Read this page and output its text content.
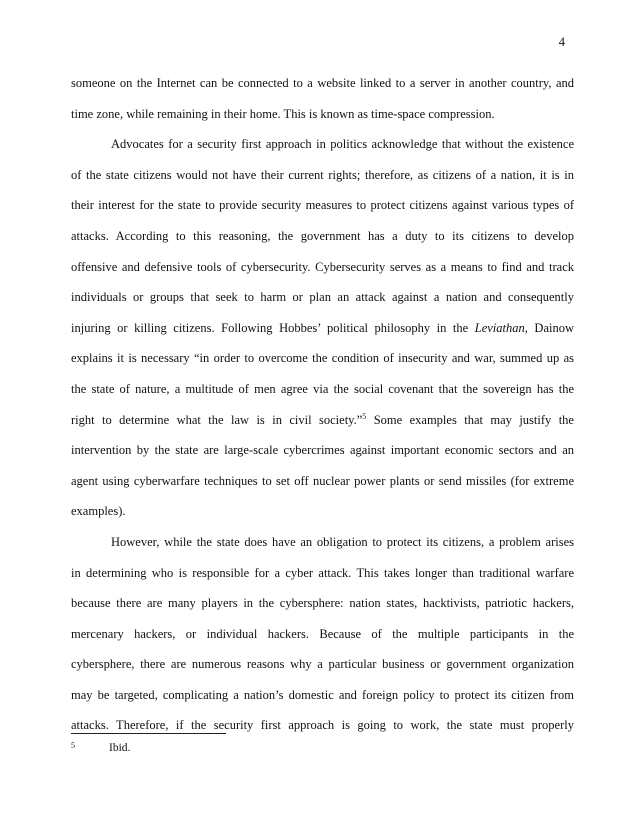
4
someone on the Internet can be connected to a website linked to a server in another country, and
time zone, while remaining in their home. This is known as time-space compression.
Advocates for a security first approach in politics acknowledge that without the existence
of the state citizens would not have their current rights; therefore, as citizens of a nation, it is in
their interest for the state to provide security measures to protect citizens against various types of
attacks. According to this reasoning, the government has a duty to its citizens to develop
offensive and defensive tools of cybersecurity. Cybersecurity serves as a means to find and track
individuals or groups that seek to harm or plan an attack against a nation and consequently
injuring or killing citizens. Following Hobbes’ political philosophy in the Leviathan, Dainow
explains it is necessary “in order to overcome the condition of insecurity and war, summed up as
the state of nature, a multitude of men agree via the social covenant that the sovereign has the
right to determine what the law is in civil society.”$^5$ Some examples that may justify the
intervention by the state are large-scale cybercrimes against important economic sectors and an
agent using cyberwarfare techniques to set off nuclear power plants or send missiles (for extreme
examples).
However, while the state does have an obligation to protect its citizens, a problem arises
in determining who is responsible for a cyber attack. This takes longer than traditional warfare
because there are many players in the cybersphere: nation states, hacktivists, patriotic hackers,
mercenary hackers, or individual hackers. Because of the multiple participants in the
cybersphere, there are numerous reasons why a particular business or government organization
may be targeted, complicating a nation’s domestic and foreign policy to protect its citizen from
attacks. Therefore, if the security first approach is going to work, the state must properly
$^5$	Ibid.
